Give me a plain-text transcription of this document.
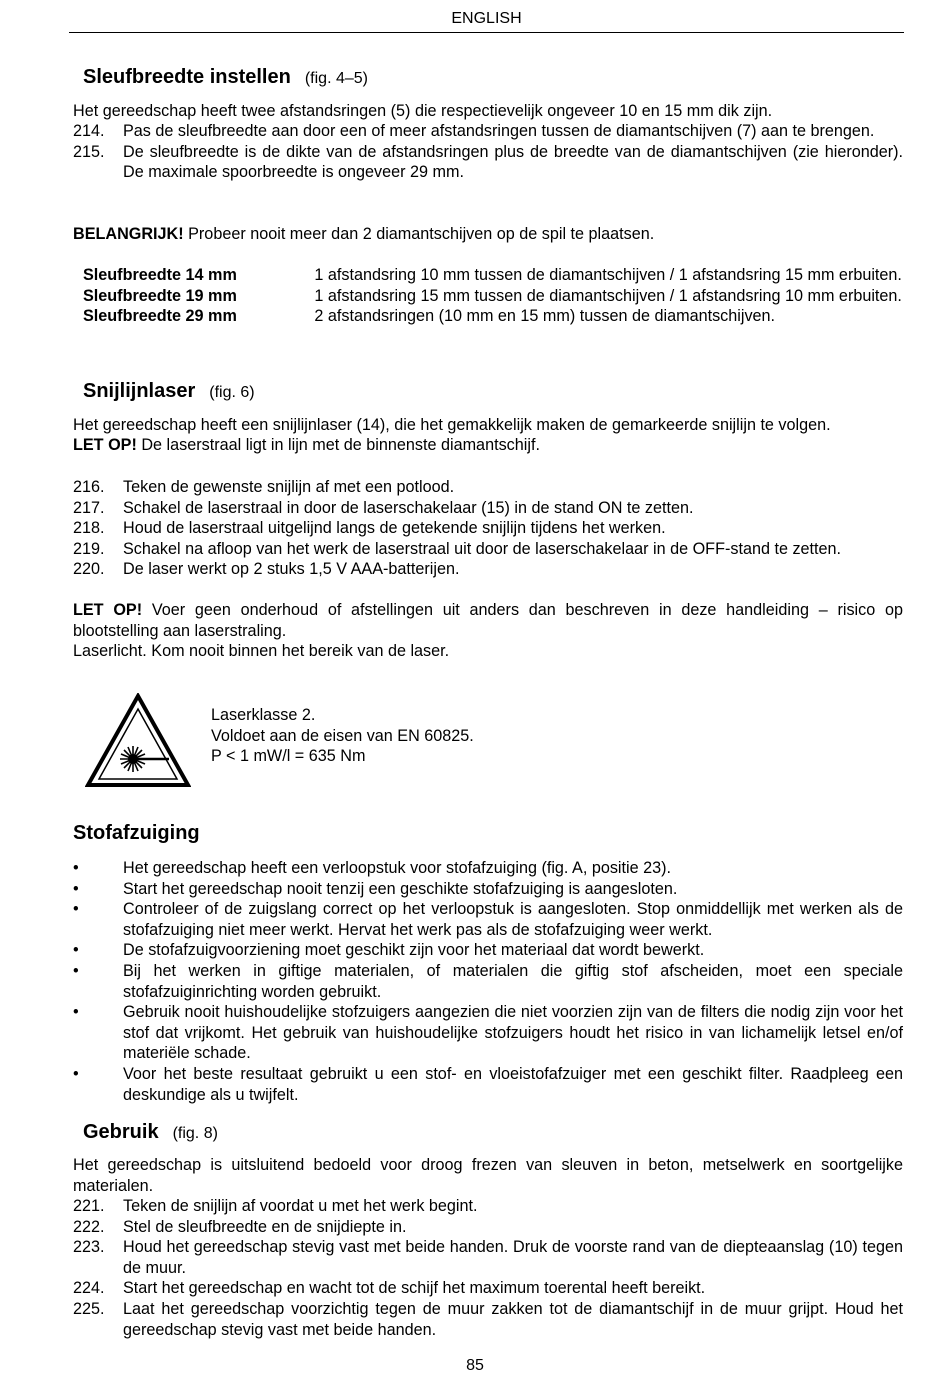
ENGLISH
Sleufbreedte instellen (fig. 4–5)

Het gereedschap heeft twee afstandsringen (5) die respectievelijk ongeveer 10 en 15 mm dik zijn.

214. Pas de sleufbreedte aan door een of meer afstandsringen tussen de diamantschijven (7) aan te brengen.
215. De sleufbreedte is de dikte van de afstandsringen plus de breedte van de diamantschijven (zie hieronder). De maximale spoorbreedte is ongeveer 29 mm.

BELANGRIJK! Probeer nooit meer dan 2 diamantschijven op de spil te plaatsen.

Sleufbreedte 14 mm	1 afstandsring 10 mm tussen de diamantschijven / 1 afstandsring 15 mm erbuiten.
Sleufbreedte 19 mm	1 afstandsring 15 mm tussen de diamantschijven / 1 afstandsring 10 mm erbuiten.
Sleufbreedte 29 mm	2 afstandsringen (10 mm en 15 mm) tussen de diamantschijven.
Snijlijnlaser (fig. 6)

Het gereedschap heeft een snijlijnlaser (14), die het gemakkelijk maken de gemarkeerde snijlijn te volgen.

LET OP! De laserstraal ligt in lijn met de binnenste diamantschijf.

216. Teken de gewenste snijlijn af met een potlood.
217. Schakel de laserstraal in door de laserschakelaar (15) in de stand ON te zetten.
218. Houd de laserstraal uitgelijnd langs de getekende snijlijn tijdens het werken.
219. Schakel na afloop van het werk de laserstraal uit door de laserschakelaar in de OFF-stand te zetten.
220. De laser werkt op 2 stuks 1,5 V AAA-batterijen.

LET OP! Voer geen onderhoud of afstellingen uit anders dan beschreven in deze handleiding – risico op blootstelling aan laserstraling.

Laserlicht. Kom nooit binnen het bereik van de laser.

Laserklasse 2.

Voldoet aan de eisen van EN 60825.

P < 1 mW/l = 635 Nm

Stofafzuiging
•	Het gereedschap heeft een verloopstuk voor stofafzuiging (fig. A, positie 23).
•	Start het gereedschap nooit tenzij een geschikte stofafzuiging is aangesloten.
•	Controleer of de zuigslang correct op het verloopstuk is aangesloten. Stop onmiddellijk met werken als de stofafzuiging niet meer werkt. Hervat het werk pas als de stofafzuiging weer werkt.
•	De stofafzuigvoorziening moet geschikt zijn voor het materiaal dat wordt bewerkt.
•	Bij het werken in giftige materialen, of materialen die giftig stof afscheiden, moet een speciale stofafzuiginrichting worden gebruikt.
•	Gebruik nooit huishoudelijke stofzuigers aangezien die niet voorzien zijn van de filters die nodig zijn voor het stof dat vrijkomt. Het gebruik van huishoudelijke stofzuigers houdt het risico in van lichamelijk letsel en/of materiële schade.
•	Voor het beste resultaat gebruikt u een stof- en vloeistofafzuiger met een geschikt filter. Raadpleeg een deskundige als u twijfelt.
Gebruik (fig. 8)

Het gereedschap is uitsluitend bedoeld voor droog frezen van sleuven in beton, metselwerk en soortgelijke materialen.

221. Teken de snijlijn af voordat u met het werk begint.
222. Stel de sleufbreedte en de snijdiepte in.
223. Houd het gereedschap stevig vast met beide handen. Druk de voorste rand van de diepteaanslag (10) tegen de muur.
224. Start het gereedschap en wacht tot de schijf het maximum toerental heeft bereikt.
225. Laat het gereedschap voorzichtig tegen de muur zakken tot de diamantschijf in de muur grijpt. Houd het gereedschap stevig vast met beide handen.
85
